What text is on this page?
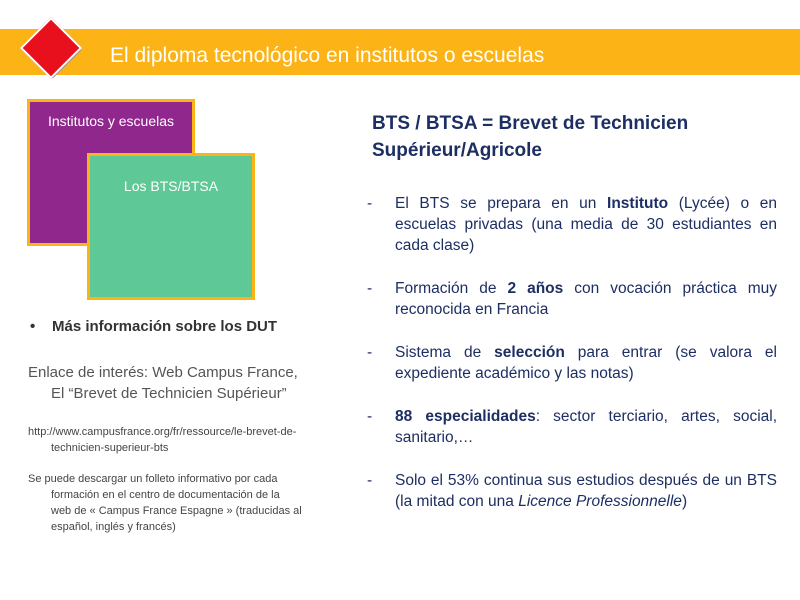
El diploma tecnológico en institutos o escuelas
Institutos y escuelas
Los BTS/BTSA
• Más información sobre los DUT
Enlace de interés: Web Campus France,
El “Brevet de Technicien Supérieur”
http://www.campusfrance.org/fr/ressource/le-brevet-de-
technicien-superieur-bts
Se puede descargar un folleto informativo por cada
formación en el centro de documentación de la
web de « Campus France Espagne » (traducidas al
español, inglés y francés)
BTS / BTSA = Brevet de Technicien Supérieur/Agricole
- El BTS se prepara en un Instituto (Lycée) o en escuelas privadas (una media de 30 estudiantes en cada clase)
- Formación de 2 años con vocación práctica muy reconocida en Francia
- Sistema de selección para entrar (se valora el expediente académico y las notas)
- 88 especialidades: sector terciario, artes, social, sanitario,…
- Solo el 53% continua sus estudios después de un BTS (la mitad con una Licence Professionnelle)
